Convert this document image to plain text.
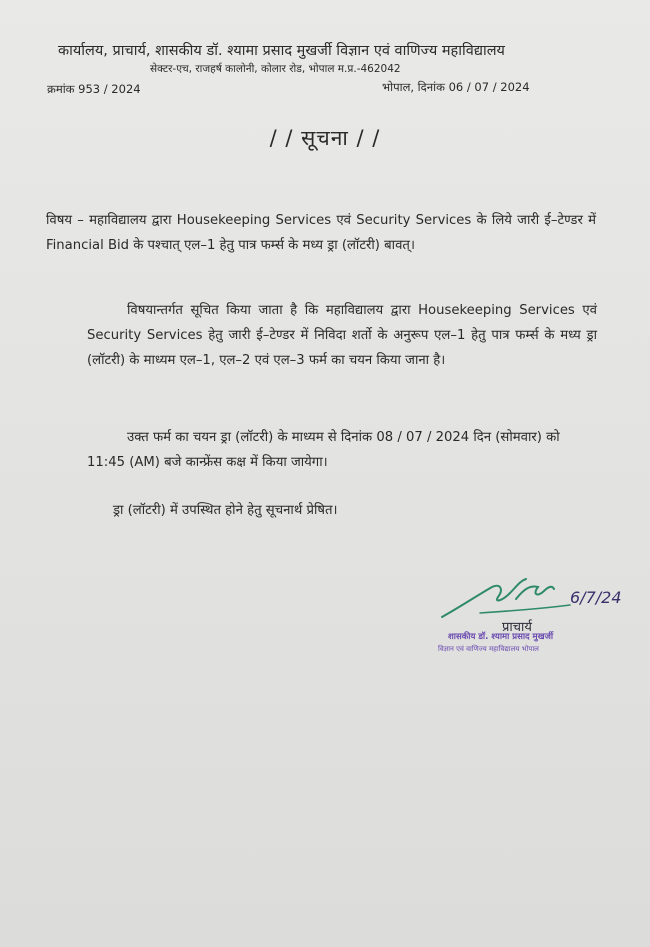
कार्यालय, प्राचार्य, शासकीय डॉ. श्यामा प्रसाद मुखर्जी विज्ञान एवं वाणिज्य महाविद्यालय
सेक्टर-एच, राजहर्ष कालोनी, कोलार रोड, भोपाल म.प्र.-462042
क्रमांक 953 / 2024	भोपाल, दिनांक 06 / 07 / 2024
/ / सूचना / /
विषय – महाविद्यालय द्वारा Housekeeping Services एवं Security Services के लिये जारी ई–टेण्डर में Financial Bid के पश्चात् एल–1 हेतु पात्र फर्म्स के मध्य ड्रा (लॉटरी) बावत्।
विषयान्तर्गत सूचित किया जाता है कि महाविद्यालय द्वारा Housekeeping Services एवं Security Services हेतु जारी ई–टेण्डर में निविदा शर्तो के अनुरूप एल–1 हेतु पात्र फर्म्स के मध्य ड्रा (लॉटरी) के माध्यम एल–1, एल–2 एवं एल–3 फर्म का चयन किया जाना है।
उक्त फर्म का चयन ड्रा (लॉटरी) के माध्यम से दिनांक 08 / 07 / 2024 दिन (सोमवार) को 11:45 (AM) बजे कान्फ्रेंस कक्ष में किया जायेगा।
ड्रा (लॉटरी) में उपस्थित होने हेतु सूचनार्थ प्रेषित।
6/7/24
प्राचार्य
शासकीय डॉ. श्यामा प्रसाद मुखर्जी
विज्ञान एवं वाणिज्य महाविद्यालय भोपाल
